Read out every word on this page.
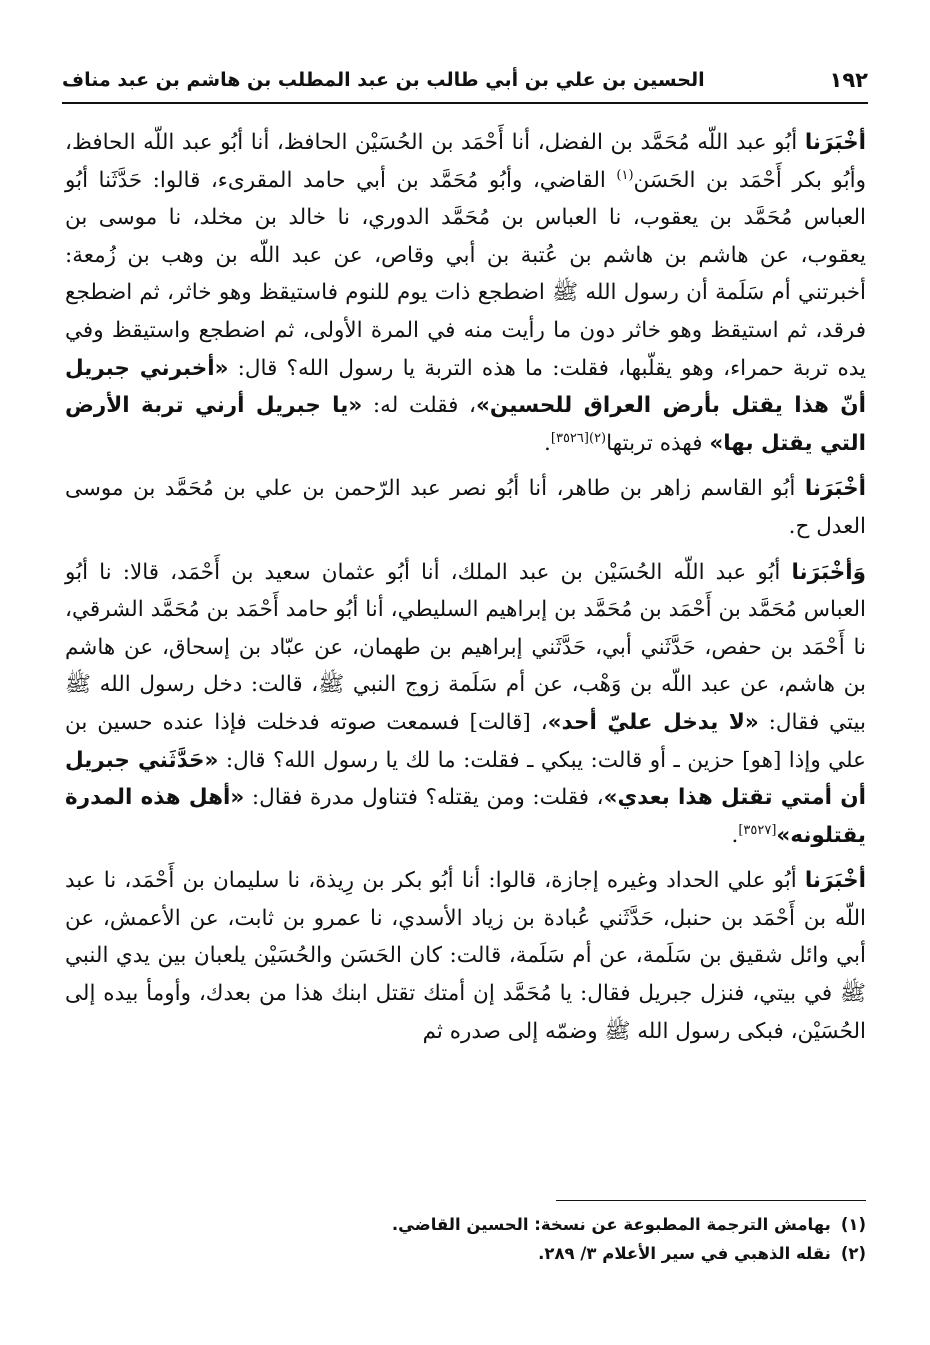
١٩٢
الحسين بن علي بن أبي طالب بن عبد المطلب بن هاشم بن عبد مناف

أخْبَرَنا أبُو عبد اللّه مُحَمَّد بن الفضل، أنا أَحْمَد بن الحُسَيْن الحافظ، أنا أبُو عبد اللّه الحافظ، وأبُو بكر أَحْمَد بن الحَسَن$^{(١)}$ القاضي، وأبُو مُحَمَّد بن أبي حامد المقرىء، قالوا: حَدَّثَنا أبُو العباس مُحَمَّد بن يعقوب، نا العباس بن مُحَمَّد الدوري، نا خالد بن مخلد، نا موسى بن يعقوب، عن هاشم بن هاشم بن عُتبة بن أبي وقاص، عن عبد اللّه بن وهب بن زُمعة: أخبرتني أم سَلَمة أن رسول الله ﷺ اضطجع ذات يوم للنوم فاستيقظ وهو خاثر، ثم اضطجع فرقد، ثم استيقظ وهو خاثر دون ما رأيت منه في المرة الأولى، ثم اضطجع واستيقظ وفي يده تربة حمراء، وهو يقلّبها، فقلت: ما هذه التربة يا رسول الله؟ قال: «أخبرني جبريل أنّ هذا يقتل بأرض العراق للحسين»، فقلت له: «يا جبريل أرني تربة الأرض التي يقتل بها» فهذه تربتها$^{(٢)[٣٥٢٦]}$.

أخْبَرَنا أبُو القاسم زاهر بن طاهر، أنا أبُو نصر عبد الرّحمن بن علي بن مُحَمَّد بن موسى العدل ح.

وَأخْبَرَنا أبُو عبد اللّه الحُسَيْن بن عبد الملك، أنا أبُو عثمان سعيد بن أَحْمَد، قالا: نا أبُو العباس مُحَمَّد بن أَحْمَد بن مُحَمَّد بن إبراهيم السليطي، أنا أبُو حامد أَحْمَد بن مُحَمَّد الشرقي، نا أَحْمَد بن حفص، حَدَّثَني أبي، حَدَّثَني إبراهيم بن طهمان، عن عبّاد بن إسحاق، عن هاشم بن هاشم، عن عبد اللّه بن وَهْب، عن أم سَلَمة زوج النبي ﷺ، قالت: دخل رسول الله ﷺ بيتي فقال: «لا يدخل عليّ أحد»، [قالت] فسمعت صوته فدخلت فإذا عنده حسين بن علي وإذا [هو] حزين ـ أو قالت: يبكي ـ فقلت: ما لك يا رسول الله؟ قال: «حَدَّثَني جبريل أن أمتي تقتل هذا بعدي»، فقلت: ومن يقتله؟ فتناول مدرة فقال: «أهل هذه المدرة يقتلونه»[٣٥٢٧].

أخْبَرَنا أبُو علي الحداد وغيره إجازة، قالوا: أنا أبُو بكر بن رِيذة، نا سليمان بن أَحْمَد، نا عبد اللّه بن أَحْمَد بن حنبل، حَدَّثَني عُبادة بن زياد الأسدي، نا عمرو بن ثابت، عن الأعمش، عن أبي وائل شقيق بن سَلَمة، عن أم سَلَمة، قالت: كان الحَسَن والحُسَيْن يلعبان بين يدي النبي ﷺ في بيتي، فنزل جبريل فقال: يا مُحَمَّد إن أمتك تقتل ابنك هذا من بعدك، وأومأ بيده إلى الحُسَيْن، فبكى رسول الله ﷺ وضمّه إلى صدره ثم

(١)بهامش الترجمة المطبوعة عن نسخة: الحسين القاضي.
(٢)نقله الذهبي في سير الأعلام ٣/ ٢٨٩.
